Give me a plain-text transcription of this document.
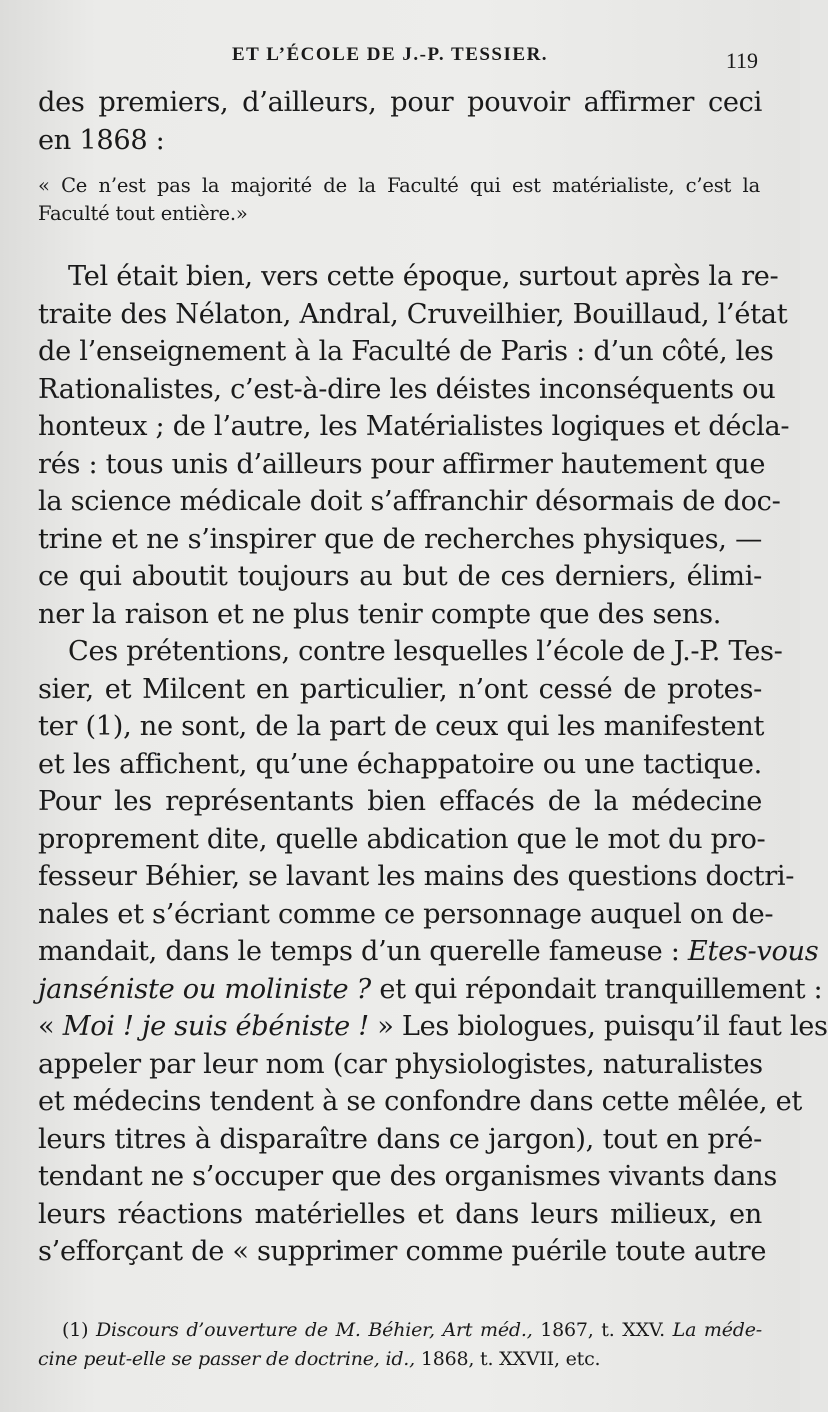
ET L’ÉCOLE DE J.-P. TESSIER.	119
des premiers, d’ailleurs, pour pouvoir affirmer ceci
en 1868 :
« Ce n’est pas la majorité de la Faculté qui est matérialiste, c’est la
Faculté tout entière.»
Tel était bien, vers cette époque, surtout après la re-
traite des Nélaton, Andral, Cruveilhier, Bouillaud, l’état
de l’enseignement à la Faculté de Paris : d’un côté, les
Rationalistes, c’est-à-dire les déistes inconséquents ou
honteux ; de l’autre, les Matérialistes logiques et décla-
rés : tous unis d’ailleurs pour affirmer hautement que
la science médicale doit s’affranchir désormais de doc-
trine et ne s’inspirer que de recherches physiques, —
ce qui aboutit toujours au but de ces derniers, élimi-
ner la raison et ne plus tenir compte que des sens.
Ces prétentions, contre lesquelles l’école de J.-P. Tes-
sier, et Milcent en particulier, n’ont cessé de protes-
ter (1), ne sont, de la part de ceux qui les manifestent
et les affichent, qu’une échappatoire ou une tactique.
Pour les représentants bien effacés de la médecine
proprement dite, quelle abdication que le mot du pro-
fesseur Béhier, se lavant les mains des questions doctri-
nales et s’écriant comme ce personnage auquel on de-
mandait, dans le temps d’un querelle fameuse : Etes-vous
janséniste ou moliniste ? et qui répondait tranquillement :
« Moi ! je suis ébéniste ! » Les biologues, puisqu’il faut les
appeler par leur nom (car physiologistes, naturalistes
et médecins tendent à se confondre dans cette mêlée, et
leurs titres à disparaître dans ce jargon), tout en pré-
tendant ne s’occuper que des organismes vivants dans
leurs réactions matérielles et dans leurs milieux, en
s’efforçant de « supprimer comme puérile toute autre
(1) Discours d’ouverture de M. Béhier, Art méd., 1867, t. XXV. La méde-
cine peut-elle se passer de doctrine, id., 1868, t. XXVII, etc.
